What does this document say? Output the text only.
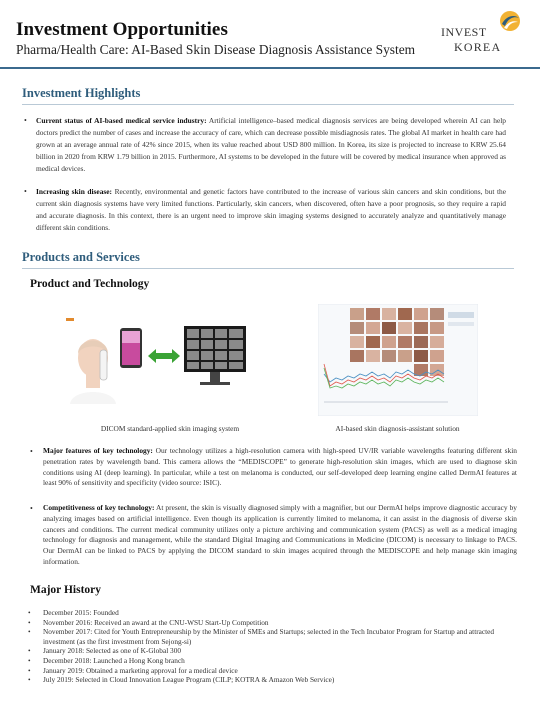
Investment Opportunities
Pharma/Health Care: AI-Based Skin Disease Diagnosis Assistance System
INVEST
KOREA
Investment Highlights
• Current status of AI-based medical service industry: Artificial intelligence–based medical diagnosis services are being developed wherein AI can help doctors predict the number of cases and increase the accuracy of care, which can decrease possible misdiagnosis rates. The global AI market in health care had grown at an average annual rate of 42% since 2015, when its value reached about USD 800 million. In Korea, its size is projected to increase to KRW 25.64 billion in 2020 from KRW 1.79 billion in 2015. Furthermore, AI systems to be developed in the future will be covered by medical insurance when approved as medical devices.
• Increasing skin disease: Recently, environmental and genetic factors have contributed to the increase of various skin cancers and skin conditions, but the current skin diagnosis systems have very limited functions. Particularly, skin cancers, when discovered, often have a poor prognosis, so they require a rapid and accurate diagnosis. In this context, there is an urgent need to improve skin imaging systems designed to accurately analyze and quantitatively manage different skin conditions.
Products and Services
Product and Technology
DICOM standard-applied skin imaging system	AI-based skin diagnosis-assistant solution
• Major features of key technology: Our technology utilizes a high-resolution camera with high-speed UV/IR variable wavelengths featuring different skin penetration rates by wavelength band. This camera allows the “MEDISCOPE” to generate high-resolution skin images, which are used to diagnose skin conditions using AI (deep learning). In particular, while a test on melanoma is conducted, our self-developed deep learning engine called DermAI features at least 90% of sensitivity and specificity (video source: ISIC).
• Competitiveness of key technology: At present, the skin is visually diagnosed simply with a magnifier, but our DermAI helps improve diagnostic accuracy by analyzing images based on artificial intelligence. Even though its application is currently limited to melanoma, it can assist in the diagnosis of diverse skin cancers and conditions. The current medical community utilizes only a picture archiving and communication system (PACS) as well as a medical imaging technology for diagnosis and management, while the standard Digital Imaging and Communications in Medicine (DICOM) is necessary to linkage to PACS. Our DermAI can be linked to PACS by applying the DICOM standard to skin images acquired through the MEDISCOPE and help manage skin imaging information.
Major History
• December 2015: Founded
• November 2016: Received an award at the CNU-WSU Start-Up Competition
• November 2017: Cited for Youth Entrepreneurship by the Minister of SMEs and Startups; selected in the Tech Incubator Program for Startup and attracted investment (as the first investment from Sejong-si)
• January 2018: Selected as one of K-Global 300
• December 2018: Launched a Hong Kong branch
• January 2019: Obtained a marketing approval for a medical device
• July 2019: Selected in Cloud Innovation League Program (CILP; KOTRA & Amazon Web Service)
